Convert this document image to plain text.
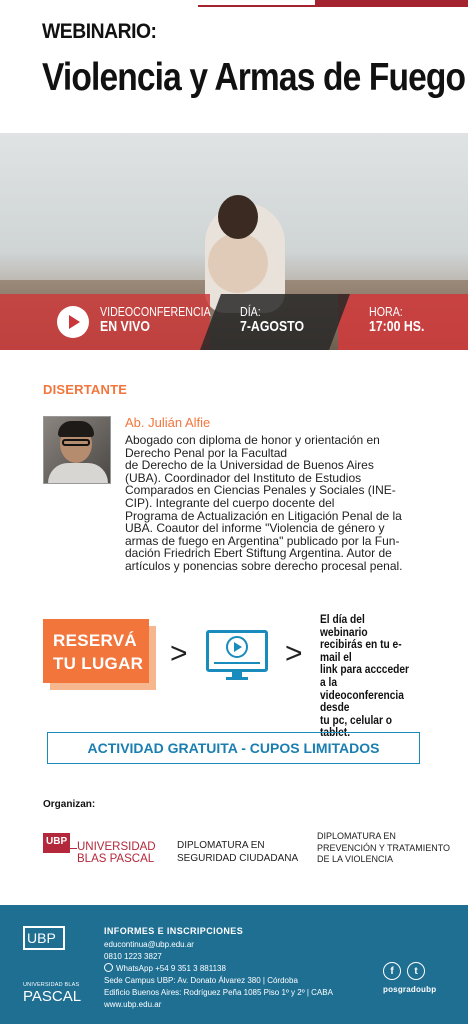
WEBINARIO:
Violencia y Armas de Fuego
VIDEOCONFERENCIA
EN VIVO
DÍA:
7-AGOSTO
HORA:
17:00 HS.
DISERTANTE
Ab. Julián Alfie
Abogado con diploma de honor y orientación en
Derecho Penal por la Facultad
de Derecho de la Universidad de Buenos Aires
(UBA). Coordinador del Instituto de Estudios
Comparados en Ciencias Penales y Sociales (INE-
CIP). Integrante del cuerpo docente del
Programa de Actualización en Litigación Penal de la
UBA. Coautor del informe "Violencia de género y
armas de fuego en Argentina" publicado por la Fun-
dación Friedrich Ebert Stiftung Argentina. Autor de
artículos y ponencias sobre derecho procesal penal.
RESERVÁ
TU LUGAR >	>
El día del webinario
recibirás en tu e-mail el
link para accceder a la
videoconferencia desde
tu pc, celular o tablet.
ACTIVIDAD GRATUITA - CUPOS LIMITADOS
Organizan:
UBP UNIVERSIDAD
BLAS PASCAL
DIPLOMATURA EN
SEGURIDAD CIUDADANA
DIPLOMATURA EN
PREVENCIÓN Y TRATAMIENTO
DE LA VIOLENCIA
UBP
UNIVERSIDAD BLAS
PASCAL
INFORMES E INSCRIPCIONES
educontinua@ubp.edu.ar
0810 1223 3827
WhatsApp +54 9 351 3 881138
Sede Campus UBP: Av. Donato Álvarez 380 | Córdoba
Edificio Buenos Aires: Rodríguez Peña 1085 Piso 1º y 2º | CABA
www.ubp.edu.ar
f	t
posgradoubp
